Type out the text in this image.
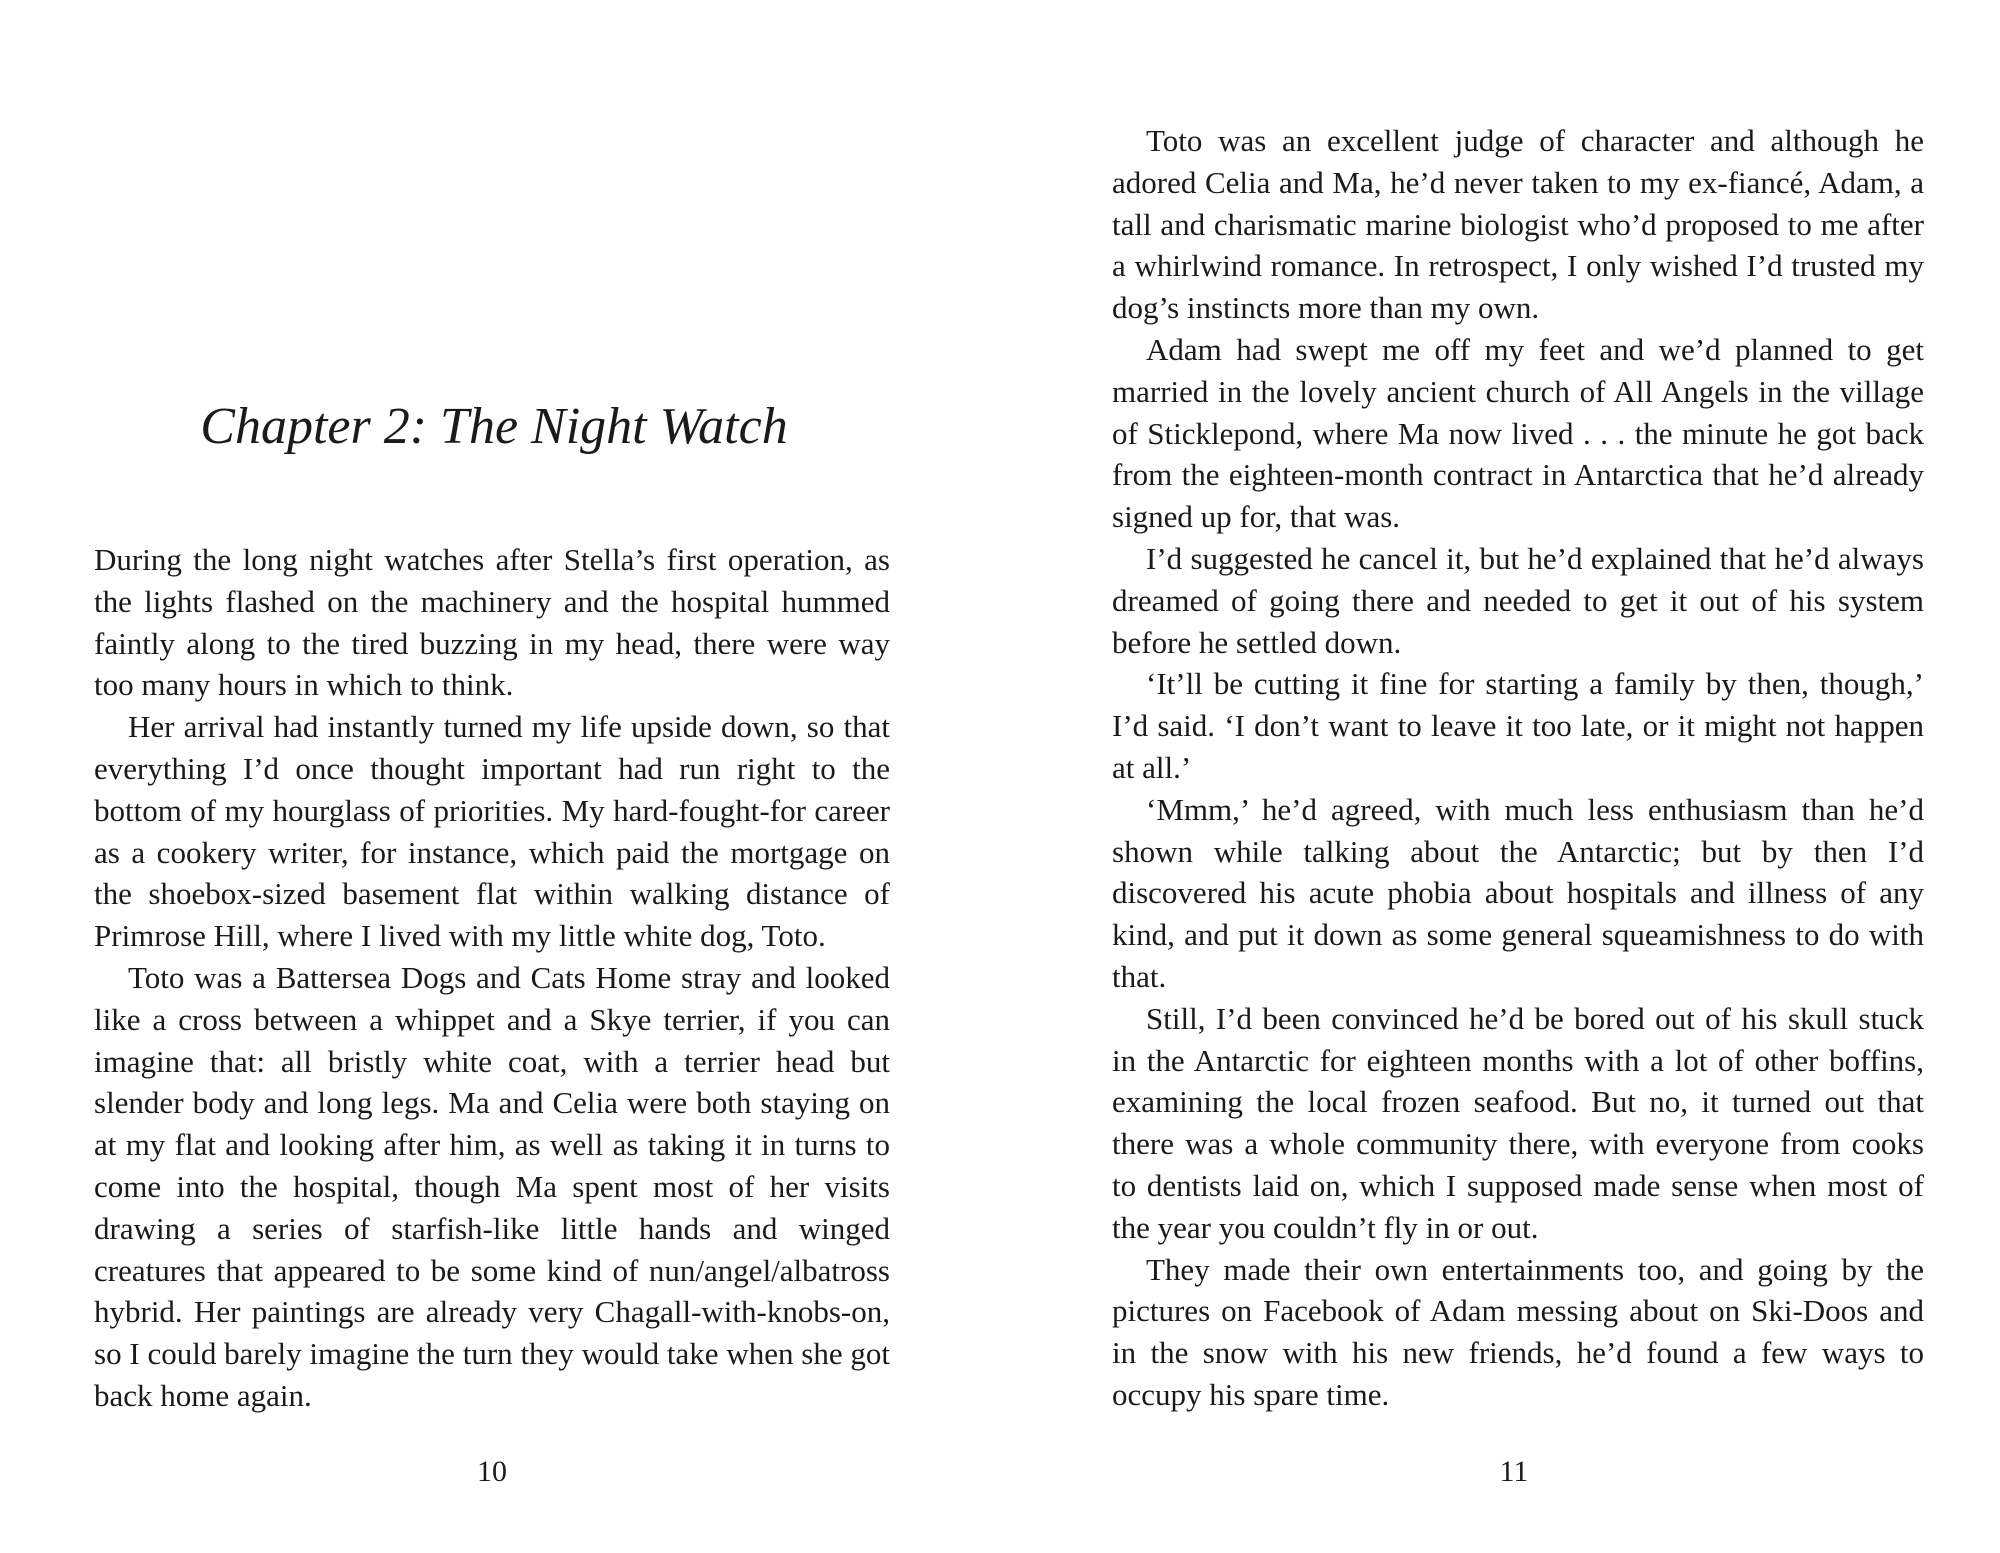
Chapter 2: The Night Watch

During the long night watches after Stella’s first operation, as the lights flashed on the machinery and the hospital hummed faintly along to the tired buzzing in my head, there were way too many hours in which to think.

Her arrival had instantly turned my life upside down, so that everything I’d once thought important had run right to the bottom of my hourglass of priorities. My hard-fought-for career as a cookery writer, for instance, which paid the mortgage on the shoebox-sized basement flat within walking distance of Primrose Hill, where I lived with my little white dog, Toto.

Toto was a Battersea Dogs and Cats Home stray and looked like a cross between a whippet and a Skye terrier, if you can imagine that: all bristly white coat, with a terrier head but slender body and long legs. Ma and Celia were both staying on at my flat and looking after him, as well as taking it in turns to come into the hospital, though Ma spent most of her visits drawing a series of starfish-like little hands and winged creatures that appeared to be some kind of nun/angel/albatross hybrid. Her paintings are already very Chagall-with-knobs-on, so I could barely imagine the turn they would take when she got back home again.

10

Toto was an excellent judge of character and although he adored Celia and Ma, he’d never taken to my ex-fiancé, Adam, a tall and charismatic marine biologist who’d proposed to me after a whirlwind romance. In retrospect, I only wished I’d trusted my dog’s instincts more than my own.

Adam had swept me off my feet and we’d planned to get married in the lovely ancient church of All Angels in the village of Sticklepond, where Ma now lived . . . the minute he got back from the eighteen-month contract in Antarctica that he’d already signed up for, that was.

I’d suggested he cancel it, but he’d explained that he’d always dreamed of going there and needed to get it out of his system before he settled down.

‘It’ll be cutting it fine for starting a family by then, though,’ I’d said. ‘I don’t want to leave it too late, or it might not happen at all.’

‘Mmm,’ he’d agreed, with much less enthusiasm than he’d shown while talking about the Antarctic; but by then I’d discovered his acute phobia about hospitals and illness of any kind, and put it down as some general squeamishness to do with that.

Still, I’d been convinced he’d be bored out of his skull stuck in the Antarctic for eighteen months with a lot of other boffins, examining the local frozen seafood. But no, it turned out that there was a whole community there, with everyone from cooks to dentists laid on, which I supposed made sense when most of the year you couldn’t fly in or out.

They made their own entertainments too, and going by the pictures on Facebook of Adam messing about on Ski-Doos and in the snow with his new friends, he’d found a few ways to occupy his spare time.

11
